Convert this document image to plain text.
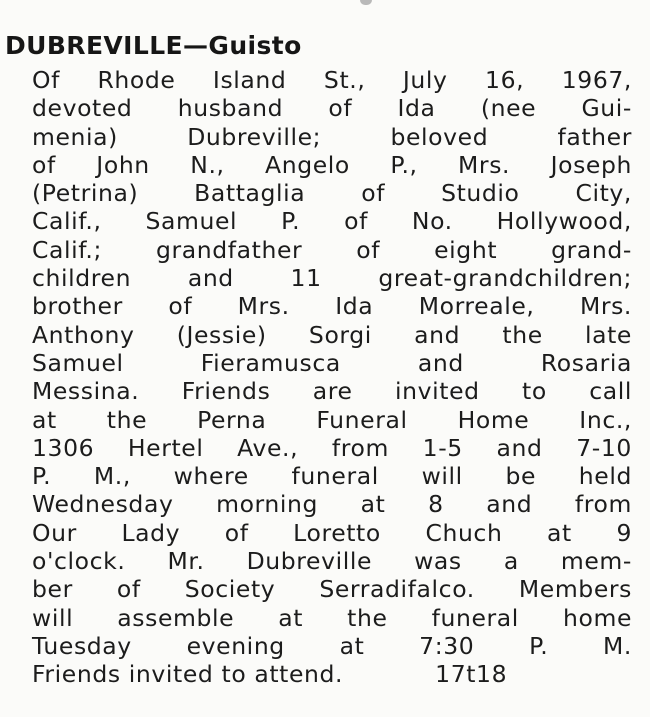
DUBREVILLE—Guisto
Of Rhode Island St., July 16, 1967,
devoted husband of Ida (nee Gui-
menia) Dubreville; beloved father
of John N., Angelo P., Mrs. Joseph
(Petrina) Battaglia of Studio City,
Calif., Samuel P. of No. Hollywood,
Calif.; grandfather of eight grand-
children and 11 great-grandchildren;
brother of Mrs. Ida Morreale, Mrs.
Anthony (Jessie) Sorgi and the late
Samuel Fieramusca and Rosaria
Messina. Friends are invited to call
at the Perna Funeral Home Inc.,
1306 Hertel Ave., from 1-5 and 7-10
P. M., where funeral will be held
Wednesday morning at 8 and from
Our Lady of Loretto Chuch at 9
o'clock. Mr. Dubreville was a mem-
ber of Society Serradifalco. Members
will assemble at the funeral home
Tuesday evening at 7:30 P. M.
Friends invited to attend.	17t18
